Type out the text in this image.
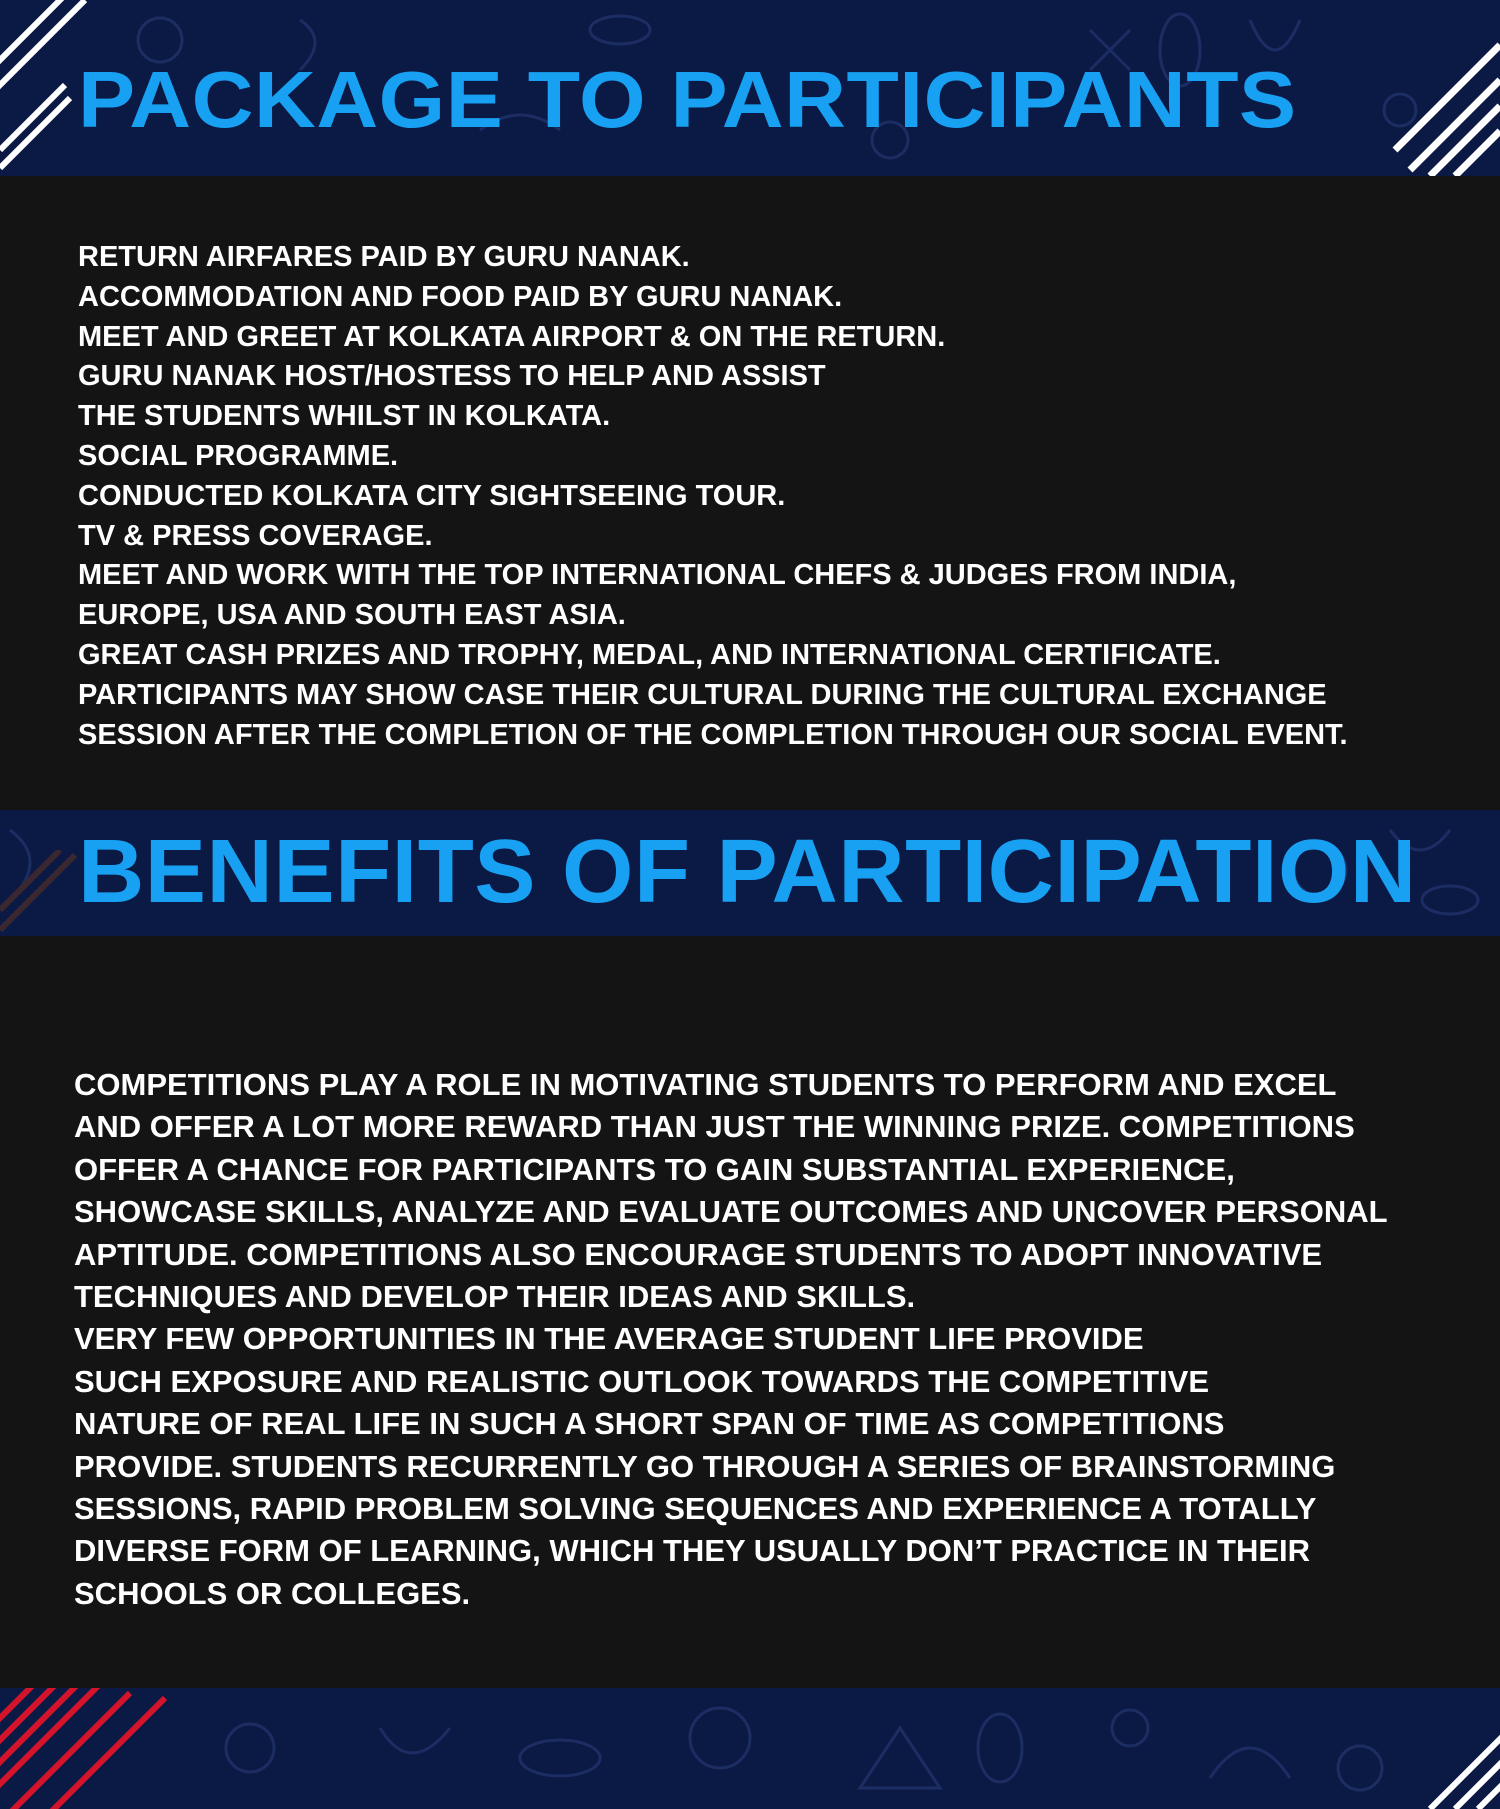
PACKAGE TO PARTICIPANTS
BENEFITS OF PARTICIPATION
RETURN AIRFARES PAID BY GURU NANAK.
ACCOMMODATION AND FOOD PAID BY GURU NANAK.
MEET AND GREET AT KOLKATA AIRPORT & ON THE RETURN.
GURU NANAK HOST/HOSTESS TO HELP AND ASSIST
THE STUDENTS WHILST IN KOLKATA.
SOCIAL PROGRAMME.
CONDUCTED KOLKATA CITY SIGHTSEEING TOUR.
TV & PRESS COVERAGE.
MEET AND WORK WITH THE TOP INTERNATIONAL CHEFS & JUDGES FROM INDIA,
EUROPE, USA AND SOUTH EAST ASIA.
GREAT CASH PRIZES AND TROPHY, MEDAL, AND INTERNATIONAL CERTIFICATE.
PARTICIPANTS MAY SHOW CASE THEIR CULTURAL DURING THE CULTURAL EXCHANGE
SESSION AFTER THE COMPLETION OF THE COMPLETION THROUGH OUR SOCIAL EVENT.

COMPETITIONS PLAY A ROLE IN MOTIVATING STUDENTS TO PERFORM AND EXCEL
AND OFFER A LOT MORE REWARD THAN JUST THE WINNING PRIZE. COMPETITIONS
OFFER A CHANCE FOR PARTICIPANTS TO GAIN SUBSTANTIAL EXPERIENCE,
SHOWCASE SKILLS, ANALYZE AND EVALUATE OUTCOMES AND UNCOVER PERSONAL
APTITUDE. COMPETITIONS ALSO ENCOURAGE STUDENTS TO ADOPT INNOVATIVE
TECHNIQUES AND DEVELOP THEIR IDEAS AND SKILLS.
VERY FEW OPPORTUNITIES IN THE AVERAGE STUDENT LIFE PROVIDE
SUCH EXPOSURE AND REALISTIC OUTLOOK TOWARDS THE COMPETITIVE
NATURE OF REAL LIFE IN SUCH A SHORT SPAN OF TIME AS COMPETITIONS
PROVIDE. STUDENTS RECURRENTLY GO THROUGH A SERIES OF BRAINSTORMING
SESSIONS, RAPID PROBLEM SOLVING SEQUENCES AND EXPERIENCE A TOTALLY
DIVERSE FORM OF LEARNING, WHICH THEY USUALLY DON’T PRACTICE IN THEIR
SCHOOLS OR COLLEGES.
